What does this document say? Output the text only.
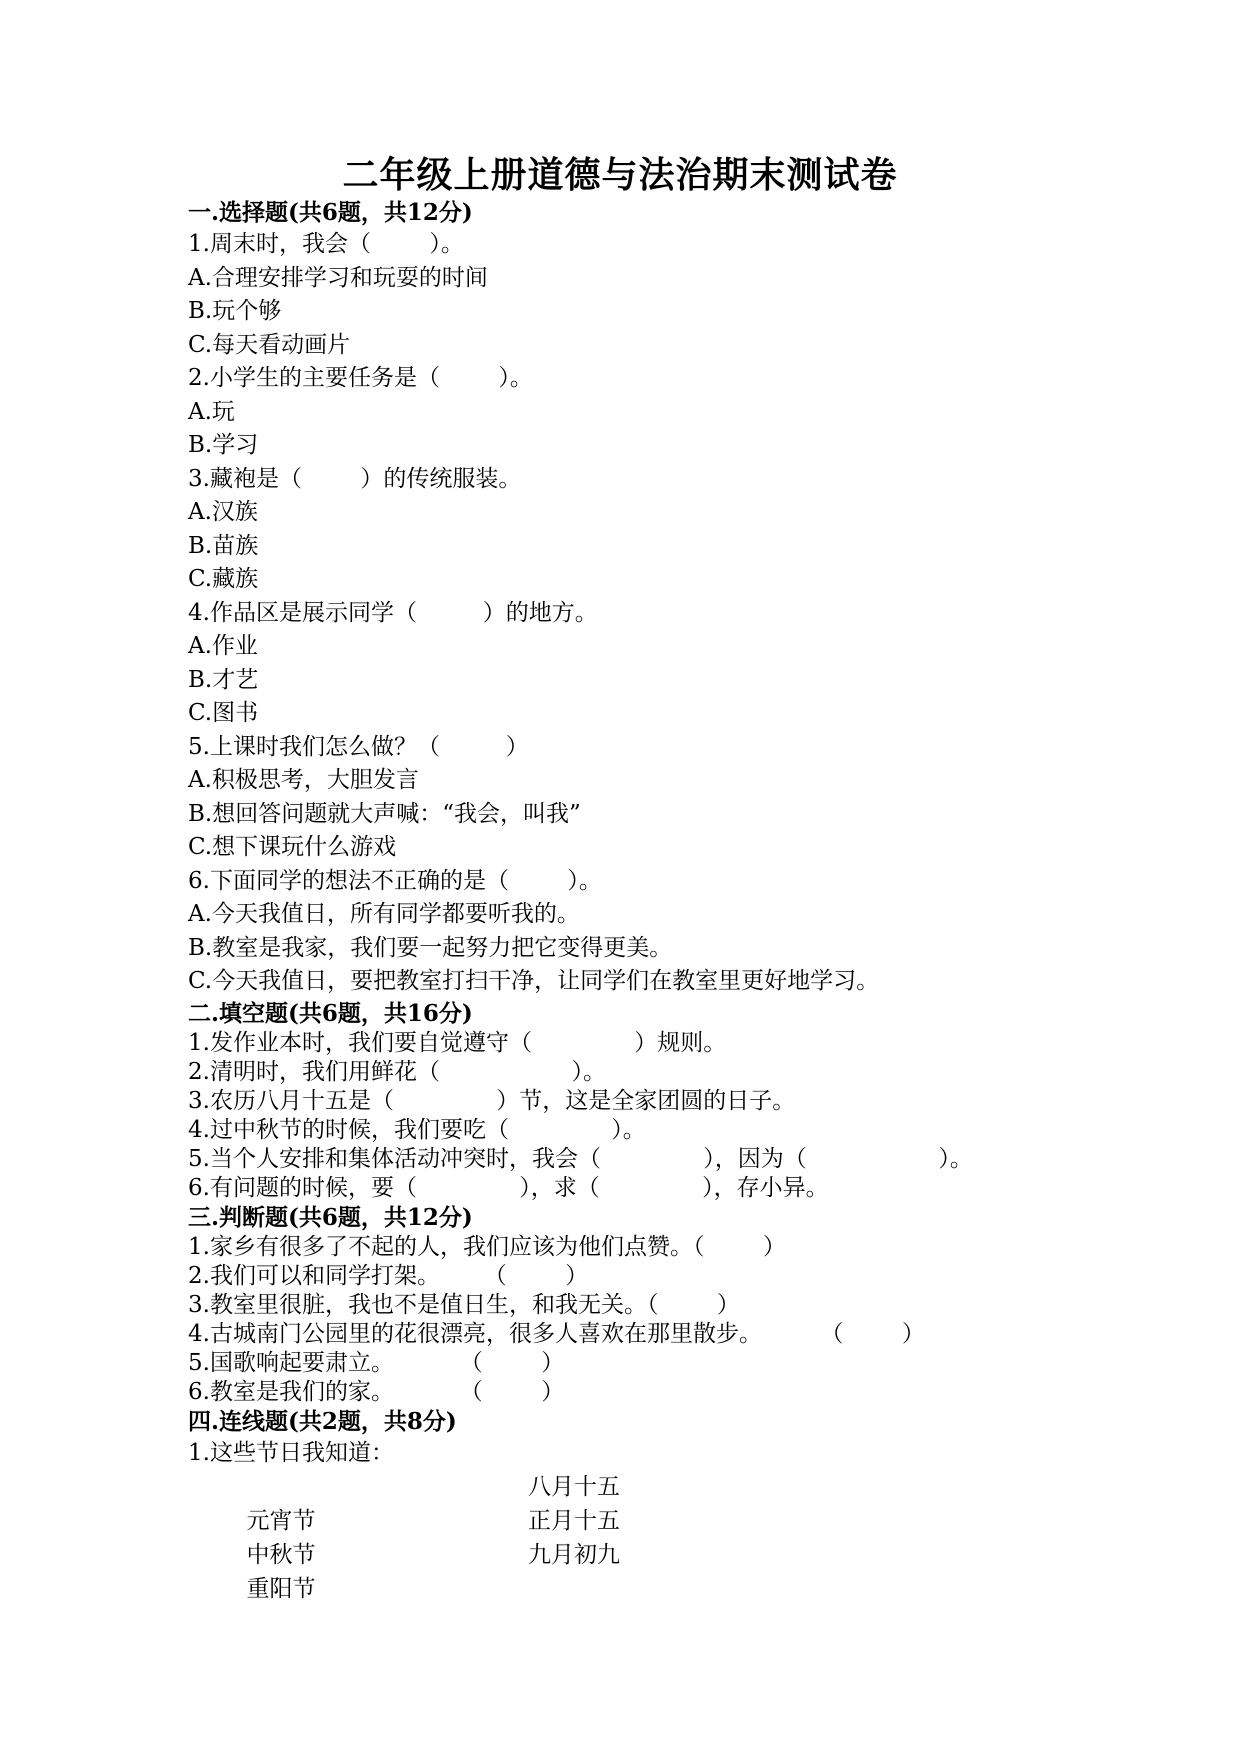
二年级上册道德与法治期末测试卷
一.选择题(共6题，共12分)
1.周末时，我会（        ）。
A.合理安排学习和玩耍的时间
B.玩个够
C.每天看动画片
2.小学生的主要任务是（        ）。
A.玩
B.学习
3.藏袍是（        ）的传统服装。
A.汉族
B.苗族
C.藏族
4.作品区是展示同学（         ）的地方。
A.作业
B.才艺
C.图书
5.上课时我们怎么做？（         ）
A.积极思考，大胆发言
B.想回答问题就大声喊：“我会，叫我”
C.想下课玩什么游戏
6.下面同学的想法不正确的是（        ）。
A.今天我值日，所有同学都要听我的。
B.教室是我家，我们要一起努力把它变得更美。
C.今天我值日，要把教室打扫干净，让同学们在教室里更好地学习。
二.填空题(共6题，共16分)
1.发作业本时，我们要自觉遵守（              ）规则。
2.清明时，我们用鲜花（                  ）。
3.农历八月十五是（              ）节，这是全家团圆的日子。
4.过中秋节的时候，我们要吃（              ）。
5.当个人安排和集体活动冲突时，我会（              ），因为（                  ）。
6.有问题的时候，要（              ），求（              ），存小异。
三.判断题(共6题，共12分)
1.家乡有很多了不起的人，我们应该为他们点赞。（        ）
2.我们可以和同学打架。      （        ）
3.教室里很脏，我也不是值日生，和我无关。（        ）
4.古城南门公园里的花很漂亮，很多人喜欢在那里散步。        （        ）
5.国歌响起要肃立。         （        ）
6.教室是我们的家。         （        ）
四.连线题(共2题，共8分)
1.这些节日我知道：

元宵节

八月十五

中秋节

正月十五

重阳节

九月初九
